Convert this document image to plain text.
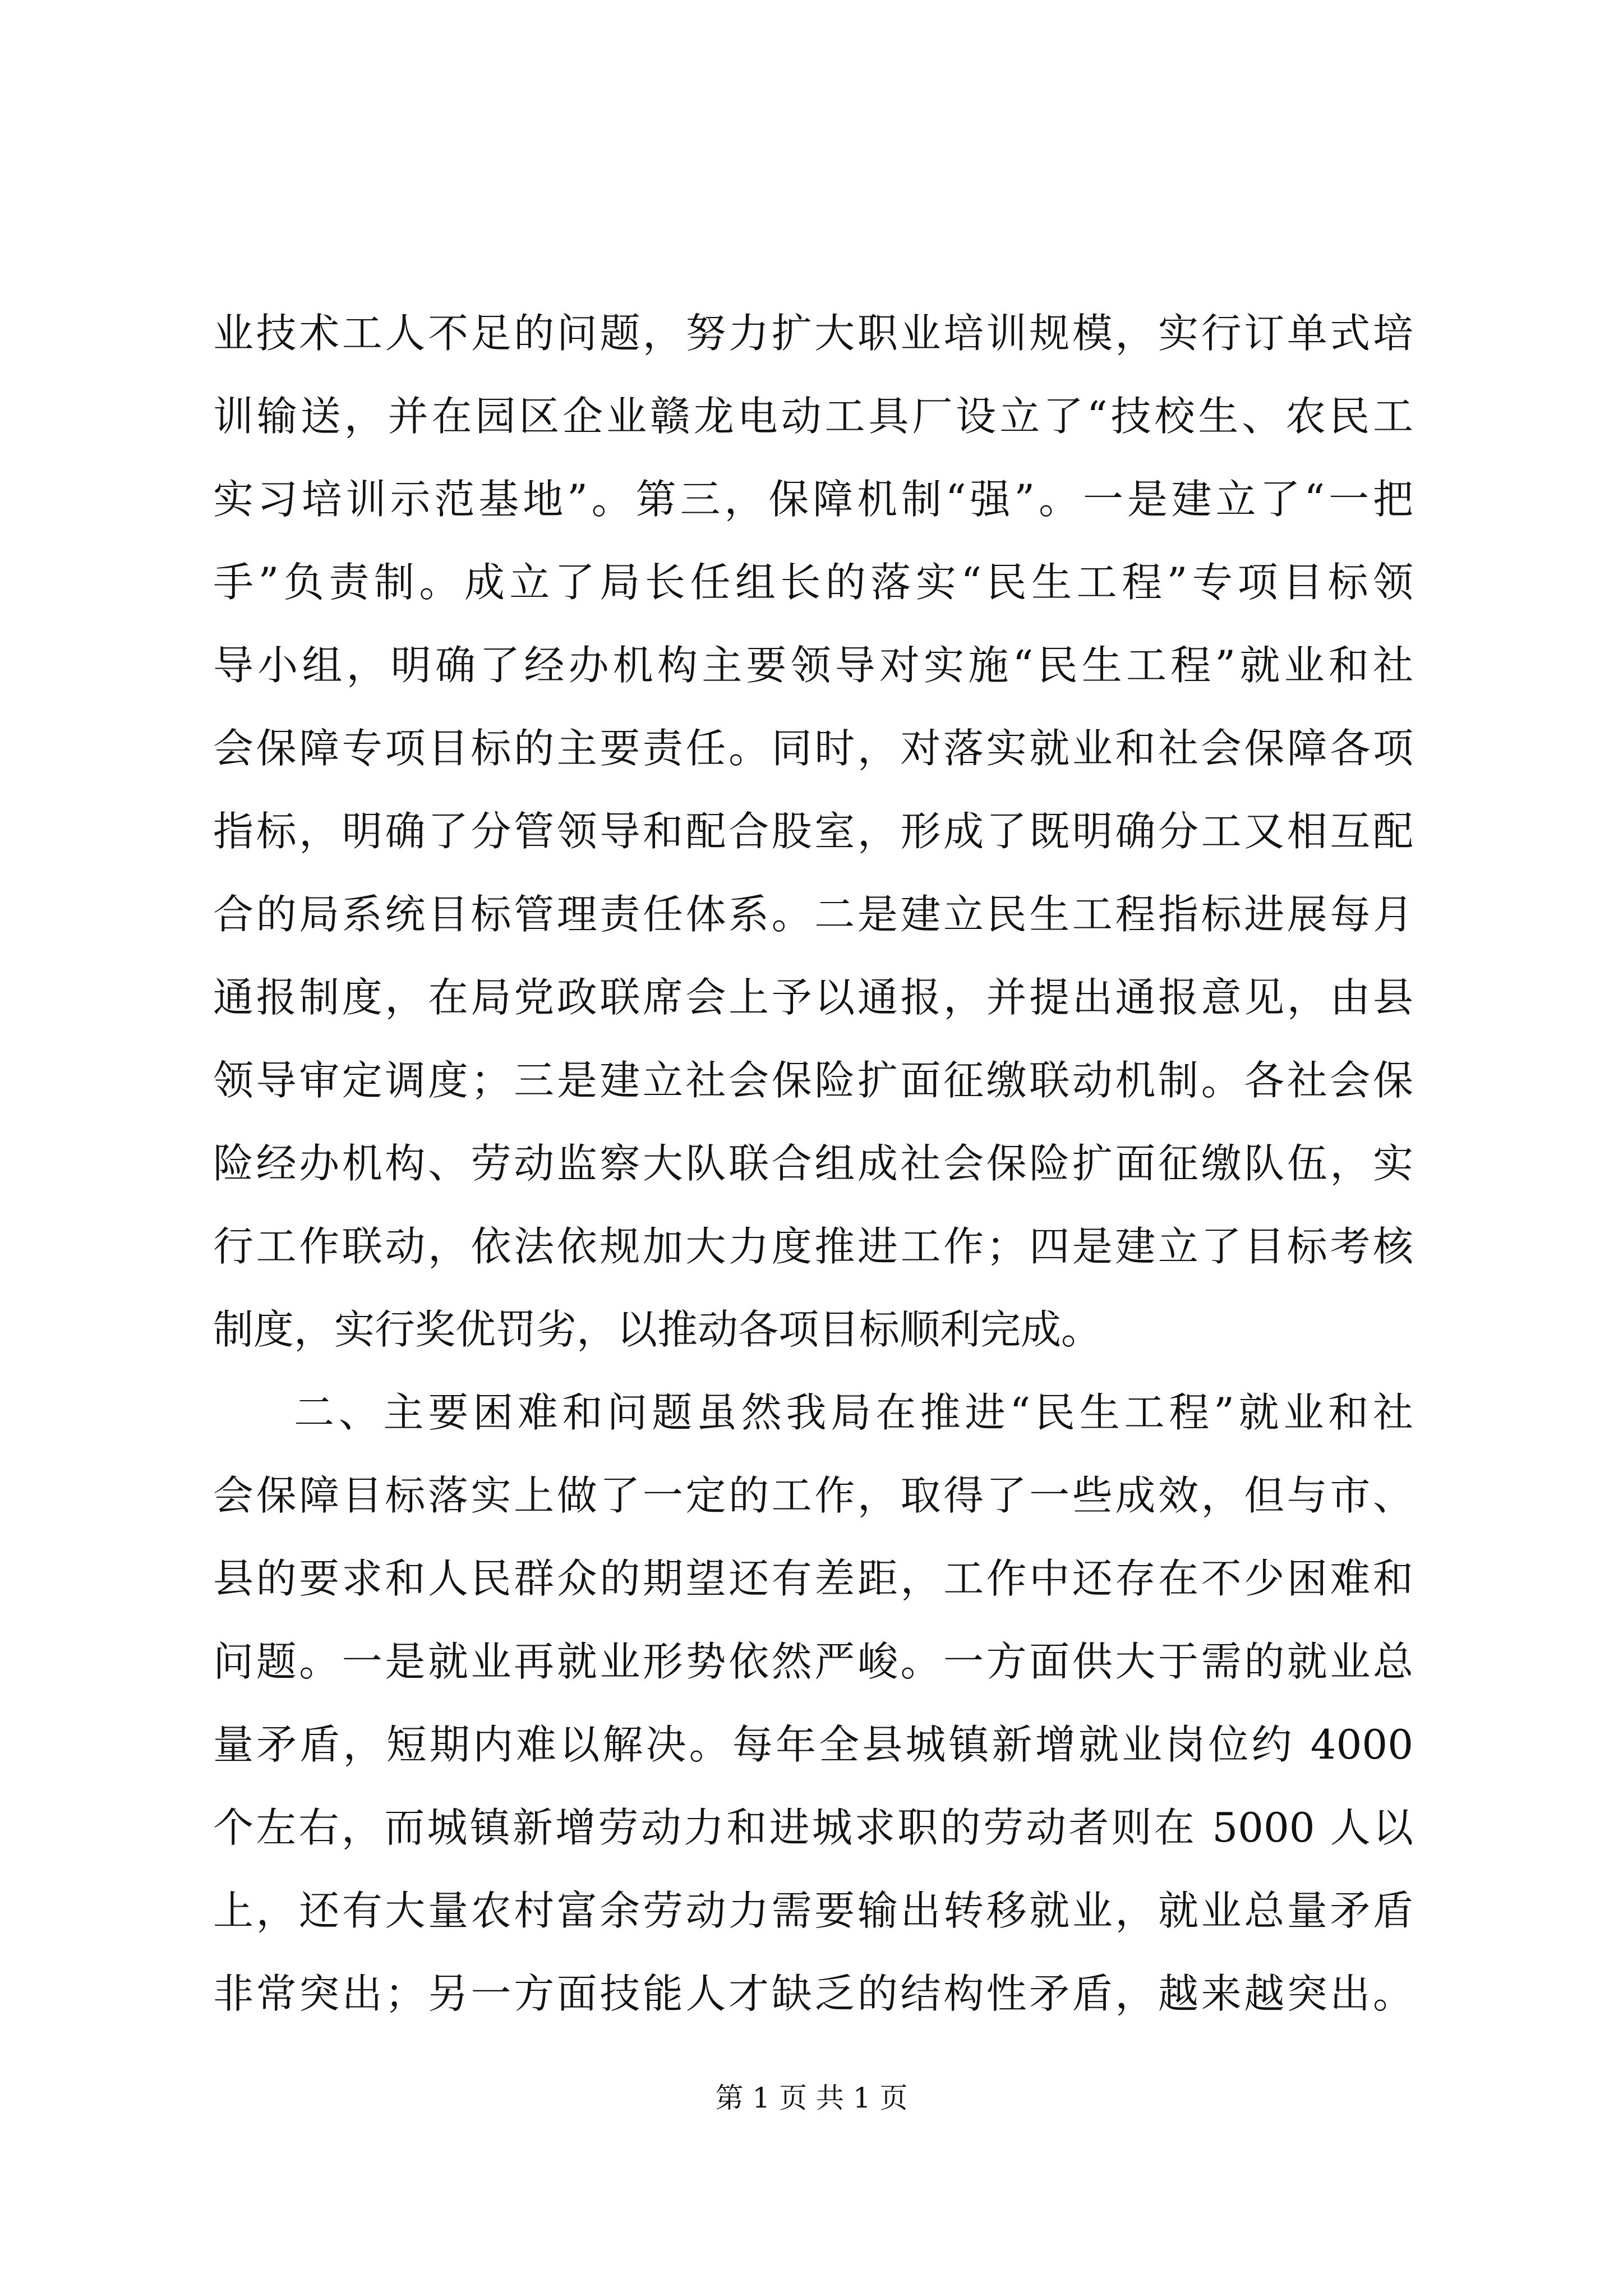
业技术工人不足的问题，努力扩大职业培训规模，实行订单式培
训输送，并在园区企业赣龙电动工具厂设立了“技校生、农民工
实习培训示范基地”。第三，保障机制“强”。一是建立了“一把
手”负责制。成立了局长任组长的落实“民生工程”专项目标领
导小组，明确了经办机构主要领导对实施“民生工程”就业和社
会保障专项目标的主要责任。同时，对落实就业和社会保障各项
指标，明确了分管领导和配合股室，形成了既明确分工又相互配
合的局系统目标管理责任体系。二是建立民生工程指标进展每月
通报制度，在局党政联席会上予以通报，并提出通报意见，由县
领导审定调度；三是建立社会保险扩面征缴联动机制。各社会保
险经办机构、劳动监察大队联合组成社会保险扩面征缴队伍，实
行工作联动，依法依规加大力度推进工作；四是建立了目标考核
制度，实行奖优罚劣，以推动各项目标顺利完成。
二、主要困难和问题虽然我局在推进“民生工程”就业和社
会保障目标落实上做了一定的工作，取得了一些成效，但与市、
县的要求和人民群众的期望还有差距，工作中还存在不少困难和
问题。一是就业再就业形势依然严峻。一方面供大于需的就业总
量矛盾，短期内难以解决。每年全县城镇新增就业岗位约 4000
个左右，而城镇新增劳动力和进城求职的劳动者则在 5000 人以
上，还有大量农村富余劳动力需要输出转移就业，就业总量矛盾
非常突出；另一方面技能人才缺乏的结构性矛盾，越来越突出。
第 1 页 共 1 页
